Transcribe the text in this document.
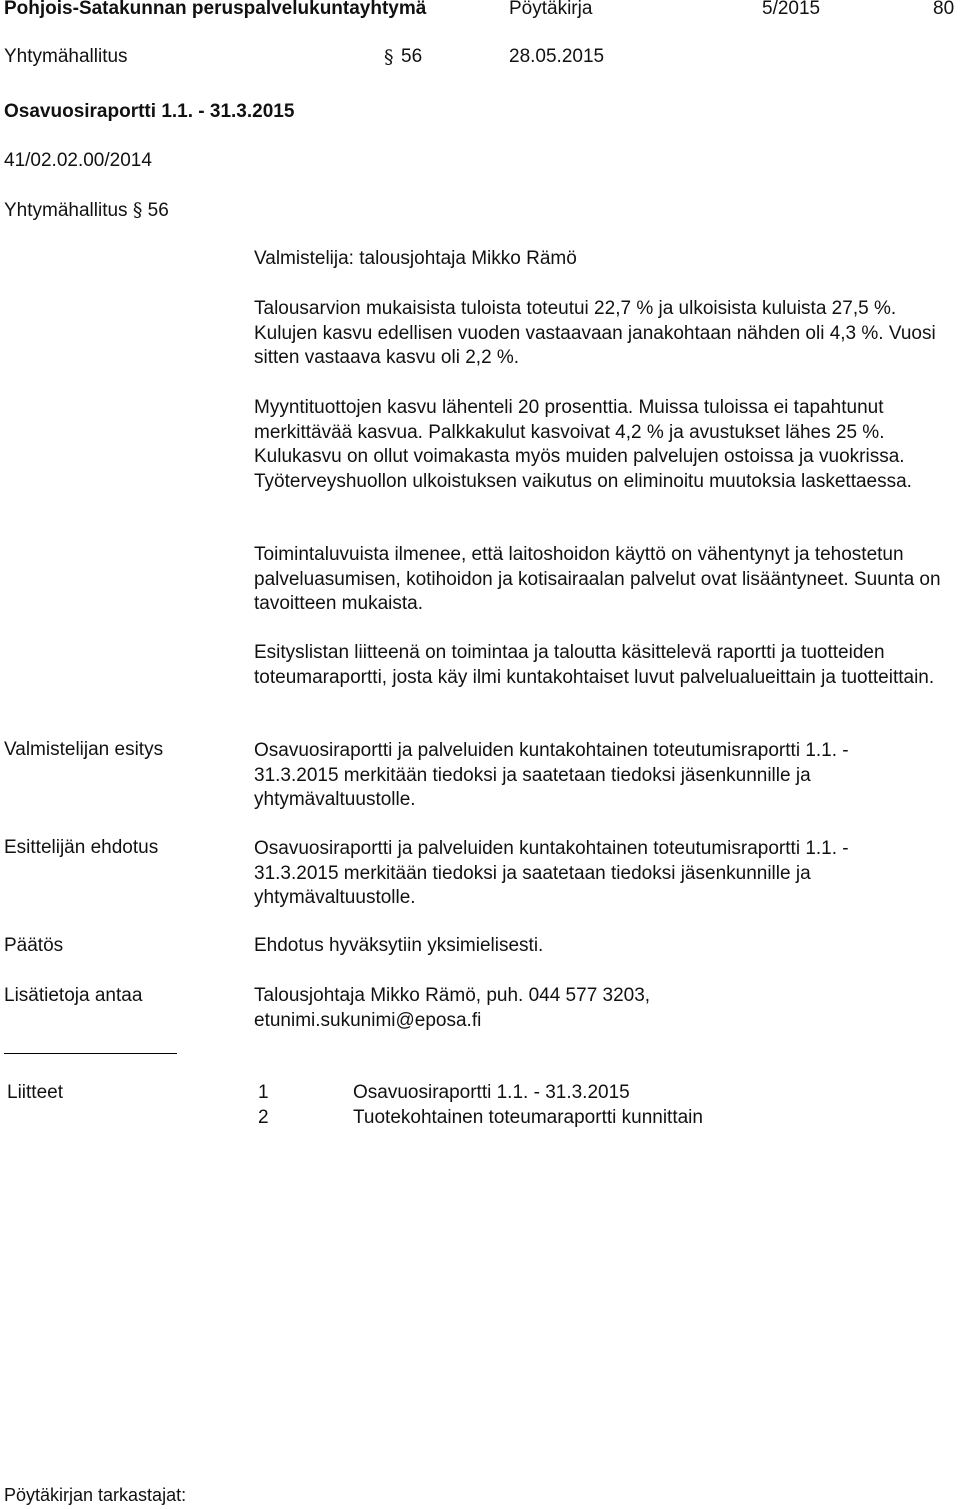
Pohjois-Satakunnan peruspalvelukuntayhtymä	Pöytäkirja	5/2015	80
Yhtymähallitus	§ 56	28.05.2015
Osavuosiraportti 1.1. - 31.3.2015
41/02.02.00/2014
Yhtymähallitus § 56
Valmistelija: talousjohtaja Mikko Rämö
Talousarvion mukaisista tuloista toteutui 22,7 % ja ulkoisista kuluista 27,5 %. Kulujen kasvu edellisen vuoden vastaavaan janakohtaan nähden oli 4,3 %. Vuosi sitten vastaava kasvu oli 2,2 %.
Myyntituottojen kasvu lähenteli 20 prosenttia. Muissa tuloissa ei tapahtunut merkittävää kasvua. Palkkakulut kasvoivat 4,2 % ja avustukset lähes 25 %. Kulukasvu on ollut voimakasta myös muiden palvelujen ostoissa ja vuokrissa. Työterveyshuollon ulkoistuksen vaikutus on eliminoitu muutoksia laskettaessa.
Toimintaluvuista ilmenee, että laitoshoidon käyttö on vähentynyt ja tehostetun palveluasumisen, kotihoidon ja kotisairaalan palvelut ovat lisääntyneet. Suunta on tavoitteen mukaista.
Esityslistan liitteenä on toimintaa ja taloutta käsittelevä raportti ja tuotteiden toteumaraportti, josta käy ilmi kuntakohtaiset luvut palvelualueittain ja tuotteittain.
Valmistelijan esitys	Osavuosiraportti ja palveluiden kuntakohtainen toteutumisraportti 1.1. - 31.3.2015 merkitään tiedoksi ja saatetaan tiedoksi jäsenkunnille ja yhtymävaltuustolle.
Esittelijän ehdotus	Osavuosiraportti ja palveluiden kuntakohtainen toteutumisraportti 1.1. - 31.3.2015 merkitään tiedoksi ja saatetaan tiedoksi jäsenkunnille ja yhtymävaltuustolle.
Päätös	Ehdotus hyväksytiin yksimielisesti.
Lisätietoja antaa	Talousjohtaja Mikko Rämö, puh. 044 577 3203,
etunimi.sukunimi@eposa.fi
Liitteet	1	Osavuosiraportti 1.1. - 31.3.2015
2	Tuotekohtainen toteumaraportti kunnittain
Pöytäkirjan tarkastajat:
